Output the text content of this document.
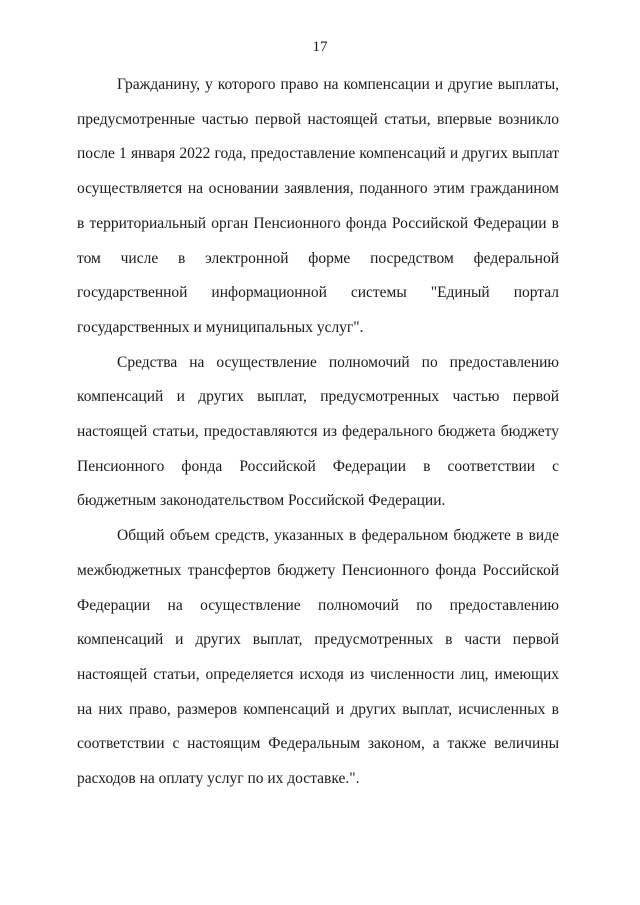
17

Гражданину, у которого право на компенсации и другие выплаты, предусмотренные частью первой настоящей статьи, впервые возникло после 1 января 2022 года, предоставление компенсаций и других выплат осуществляется на основании заявления, поданного этим гражданином в территориальный орган Пенсионного фонда Российской Федерации в том числе в электронной форме посредством федеральной государственной информационной системы "Единый портал государственных и муниципальных услуг".

Средства на осуществление полномочий по предоставлению компенсаций и других выплат, предусмотренных частью первой настоящей статьи, предоставляются из федерального бюджета бюджету Пенсионного фонда Российской Федерации в соответствии с бюджетным законодательством Российской Федерации.

Общий объем средств, указанных в федеральном бюджете в виде межбюджетных трансфертов бюджету Пенсионного фонда Российской Федерации на осуществление полномочий по предоставлению компенсаций и других выплат, предусмотренных в части первой настоящей статьи, определяется исходя из численности лиц, имеющих на них право, размеров компенсаций и других выплат, исчисленных в соответствии с настоящим Федеральным законом, а также величины расходов на оплату услуг по их доставке.".
